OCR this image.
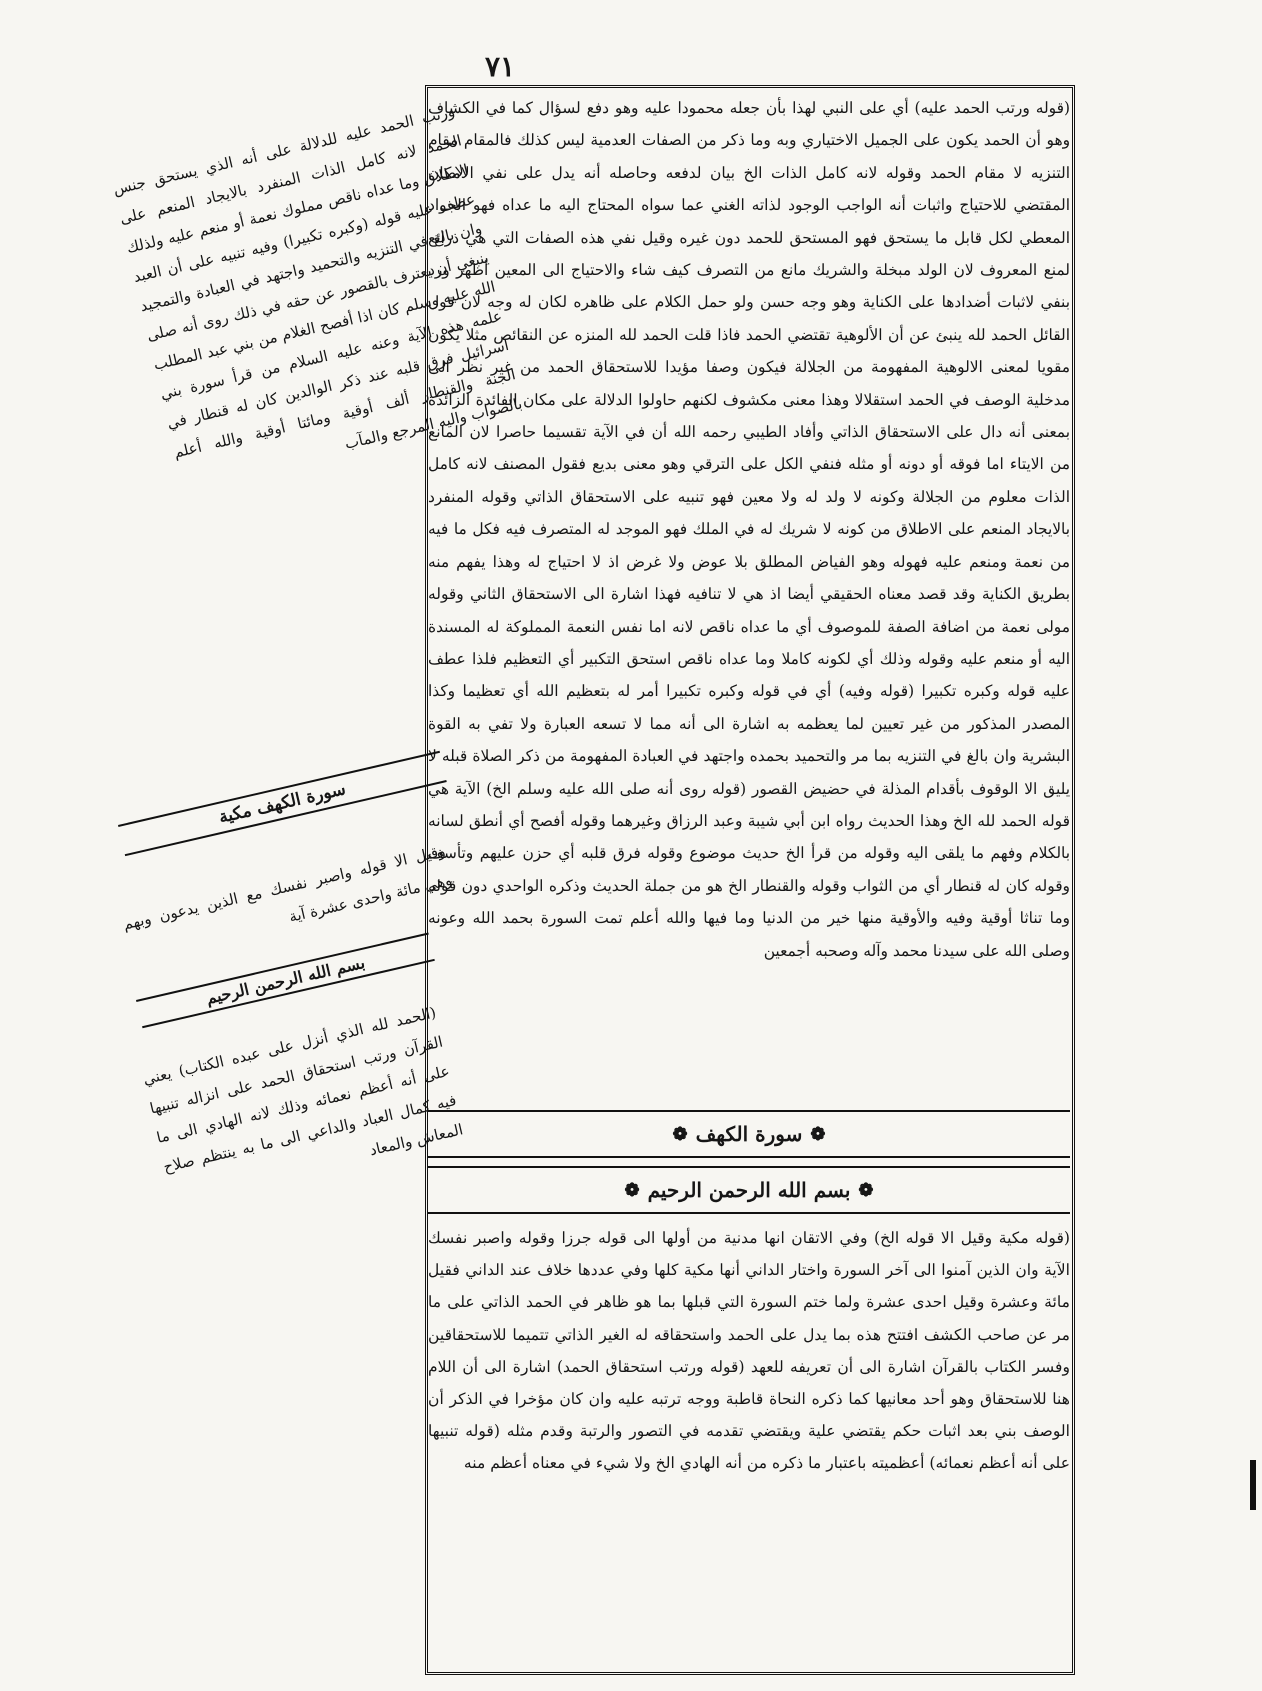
٧١

(قوله ورتب الحمد عليه) أي على النبي لهذا بأن جعله محمودا عليه وهو دفع لسؤال كما في الكشاف وهو أن الحمد يكون على الجميل الاختياري وبه وما ذكر من الصفات العدمية ليس كذلك فالمقام مقام التنزيه لا مقام الحمد وقوله لانه كامل الذات الخ بيان لدفعه وحاصله أنه يدل على نفي الامكان المقتضي للاحتياج واثبات أنه الواجب الوجود لذاته الغني عما سواه المحتاج اليه ما عداه فهو الجواد المعطي لكل قابل ما يستحق فهو المستحق للحمد دون غيره وقيل نفي هذه الصفات التي هي ذرائع لمنع المعروف لان الولد مبخلة والشريك مانع من التصرف كيف شاء والاحتياج الى المعين أظهر ورد بنفي لاثبات أضدادها على الكناية وهو وجه حسن ولو حمل الكلام على ظاهره لكان له وجه لان قول القائل الحمد لله ينبئ عن أن الألوهية تقتضي الحمد فاذا قلت الحمد لله المنزه عن النقائص مثلا يكون مقويا لمعنى الالوهية المفهومة من الجلالة فيكون وصفا مؤيدا للاستحقاق الحمد من غير نظر الى مدخلية الوصف في الحمد استقلالا وهذا معنى مكشوف لكنهم حاولوا الدلالة على مكان الفائدة الزائدة بمعنى أنه دال على الاستحقاق الذاتي وأفاد الطيبي رحمه الله أن في الآية تقسيما حاصرا لان المانع من الايتاء اما فوقه أو دونه أو مثله فنفي الكل على الترقي وهو معنى بديع فقول المصنف لانه كامل الذات معلوم من الجلالة وكونه لا ولد له ولا معين فهو تنبيه على الاستحقاق الذاتي وقوله المنفرد بالايجاد المنعم على الاطلاق من كونه لا شريك له في الملك فهو الموجد له المتصرف فيه فكل ما فيه من نعمة ومنعم عليه فهوله وهو الفياض المطلق بلا عوض ولا غرض اذ لا احتياج له وهذا يفهم منه بطريق الكناية وقد قصد معناه الحقيقي أيضا اذ هي لا تنافيه فهذا اشارة الى الاستحقاق الثاني وقوله مولى نعمة من اضافة الصفة للموصوف أي ما عداه ناقص لانه اما نفس النعمة المملوكة له المسندة اليه أو منعم عليه وقوله وذلك أي لكونه كاملا وما عداه ناقص استحق التكبير أي التعظيم فلذا عطف عليه قوله وكبره تكبيرا (قوله وفيه) أي في قوله وكبره تكبيرا أمر له بتعظيم الله أي تعظيما وكذا المصدر المذكور من غير تعيين لما يعظمه به اشارة الى أنه مما لا تسعه العبارة ولا تفي به القوة البشرية وان بالغ في التنزيه بما مر والتحميد بحمده واجتهد في العبادة المفهومة من ذكر الصلاة قبله لا يليق الا الوقوف بأقدام المذلة في حضيض القصور (قوله روى أنه صلى الله عليه وسلم الخ) الآية هي قوله الحمد لله الخ وهذا الحديث رواه ابن أبي شيبة وعبد الرزاق وغيرهما وقوله أفصح أي أنطق لسانه بالكلام وفهم ما يلقى اليه وقوله من قرأ الخ حديث موضوع وقوله فرق قلبه أي حزن عليهم وتأسف وقوله كان له قنطار أي من الثواب وقوله والقنطار الخ هو من جملة الحديث وذكره الواحدي دون قوله وما تناثا أوقية وفيه والأوقية منها خير من الدنيا وما فيها والله أعلم تمت السورة بحمد الله وعونه وصلى الله على سيدنا محمد وآله وصحبه أجمعين

❁
سورة الكهف
❁
❁
بسم الله الرحمن الرحيم
❁

(قوله مكية وقيل الا قوله الخ) وفي الاتقان انها مدنية من أولها الى قوله جرزا وقوله واصبر نفسك الآية وان الذين آمنوا الى آخر السورة واختار الداني أنها مكية كلها وفي عددها خلاف عند الداني فقيل مائة وعشرة وقيل احدى عشرة ولما ختم السورة التي قبلها بما هو ظاهر في الحمد الذاتي على ما مر عن صاحب الكشف افتتح هذه بما يدل على الحمد واستحقاقه له الغير الذاتي تتميما للاستحقاقين وفسر الكتاب بالقرآن اشارة الى أن تعريفه للعهد (قوله ورتب استحقاق الحمد) اشارة الى أن اللام هنا للاستحقاق وهو أحد معانيها كما ذكره النحاة قاطبة ووجه ترتبه عليه وان كان مؤخرا في الذكر أن الوصف بني بعد اثبات حكم يقتضي علية ويقتضي تقدمه في التصور والرتبة وقدم مثله (قوله تنبيها على أنه أعظم نعمائه) أعظميته باعتبار ما ذكره من أنه الهادي الخ ولا شيء في معناه أعظم منه

ورتب الحمد عليه للدلالة على أنه الذي يستحق جنس الحمد لانه كامل الذات المنفرد بالايجاد المنعم على الاطلاق وما عداه ناقص مملوك نعمة أو منعم عليه ولذلك عطف عليه قوله (وكبره تكبيرا) وفيه تنبيه على أن العبد وان بالغ في التنزيه والتحميد واجتهد في العبادة والتمجيد ينبغي أن يعترف بالقصور عن حقه في ذلك روى أنه صلى الله عليه وسلم كان اذا أفصح الغلام من بني عبد المطلب علمه هذه الآية وعنه عليه السلام من قرأ سورة بني اسرائيل فرق قلبه عند ذكر الوالدين كان له قنطار في الجنة والقنطار ألف أوقية ومائتا أوقية والله أعلم بالصواب واليه المرجع والمآب
سورة الكهف مكية
وقيل الا قوله واصبر نفسك مع الذين يدعون وبهم وهي مائة واحدى عشرة آية
بسم الله الرحمن الرحيم
(الحمد لله الذي أنزل على عبده الكتاب) يعني القرآن ورتب استحقاق الحمد على انزاله تنبيها على أنه أعظم نعمائه وذلك لانه الهادي الى ما فيه كمال العباد والداعي الى ما به ينتظم صلاح المعاش والمعاد
